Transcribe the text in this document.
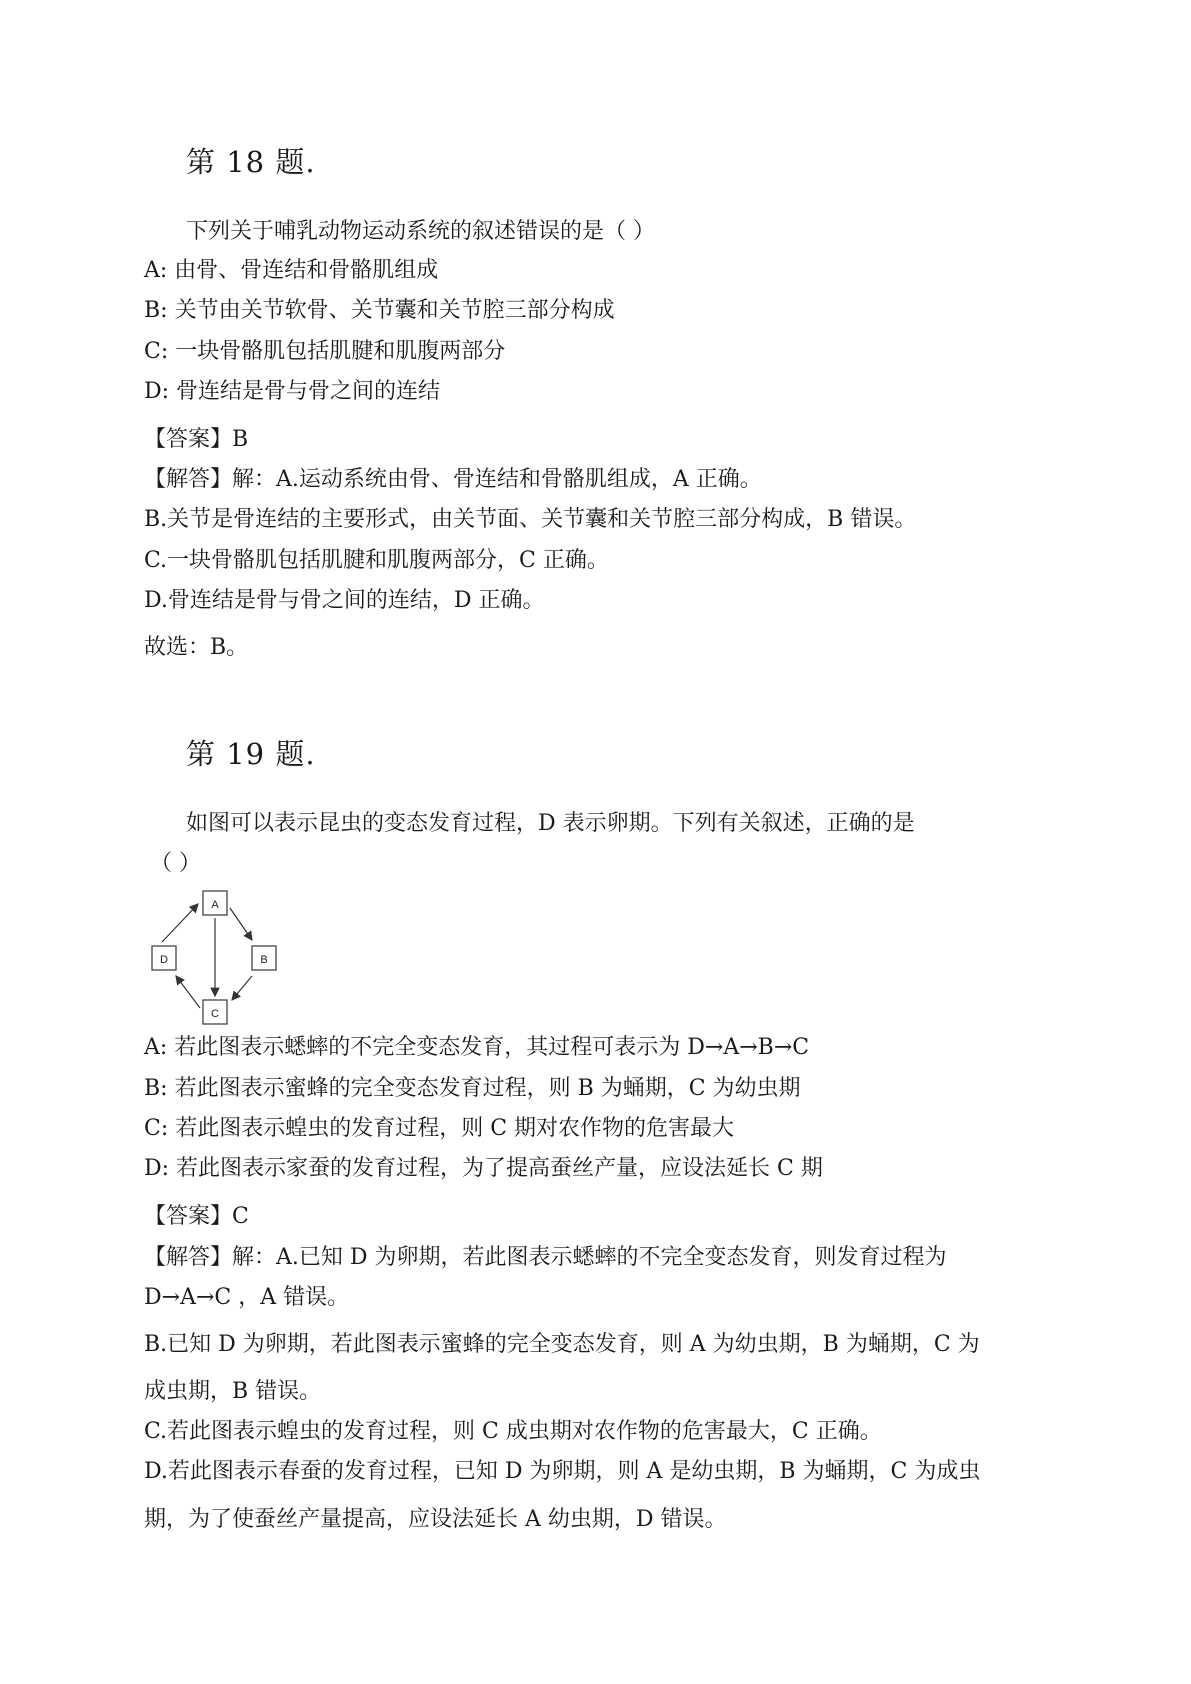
第 18 题.
下列关于哺乳动物运动系统的叙述错误的是（ ）
A: 由骨、骨连结和骨骼肌组成
B: 关节由关节软骨、关节囊和关节腔三部分构成
C: 一块骨骼肌包括肌腱和肌腹两部分
D: 骨连结是骨与骨之间的连结
【答案】B
【解答】解：A.运动系统由骨、骨连结和骨骼肌组成，A 正确。
B.关节是骨连结的主要形式，由关节面、关节囊和关节腔三部分构成，B 错误。
C.一块骨骼肌包括肌腱和肌腹两部分，C 正确。
D.骨连结是骨与骨之间的连结，D 正确。
故选：B。
第 19 题.
如图可以表示昆虫的变态发育过程，D 表示卵期。下列有关叙述，正确的是
（ ）
A
B
C
D
A: 若此图表示蟋蟀的不完全变态发育，其过程可表示为 D→A→B→C
B: 若此图表示蜜蜂的完全变态发育过程，则 B 为蛹期，C 为幼虫期
C: 若此图表示蝗虫的发育过程，则 C 期对农作物的危害最大
D: 若此图表示家蚕的发育过程，为了提高蚕丝产量，应设法延长 C 期
【答案】C
【解答】解：A.已知 D 为卵期，若此图表示蟋蟀的不完全变态发育，则发育过程为
D→A→C ，A 错误。
B.已知 D 为卵期，若此图表示蜜蜂的完全变态发育，则 A 为幼虫期，B 为蛹期，C 为
成虫期，B 错误。
C.若此图表示蝗虫的发育过程，则 C 成虫期对农作物的危害最大，C 正确。
D.若此图表示春蚕的发育过程，已知 D 为卵期，则 A 是幼虫期，B 为蛹期，C 为成虫
期，为了使蚕丝产量提高，应设法延长 A 幼虫期，D 错误。
